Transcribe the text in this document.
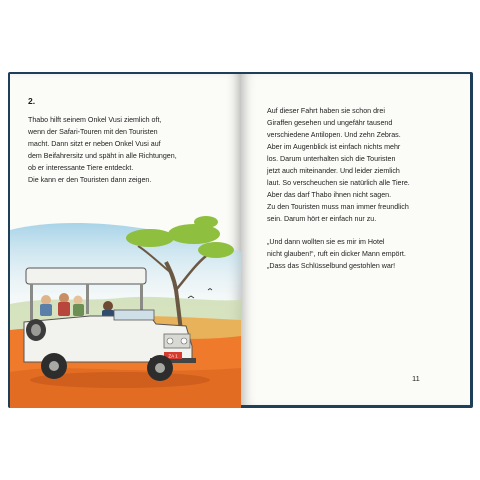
2.
Thabo hilft seinem Onkel Vusi ziemlich oft,
wenn der Safari-Touren mit den Touristen
macht. Dann sitzt er neben Onkel Vusi auf
dem Beifahrersitz und späht in alle Richtungen,
ob er interessante Tiere entdeckt.
Die kann er den Touristen dann zeigen.
ZA 1
Auf dieser Fahrt haben sie schon drei
Giraffen gesehen und ungefähr tausend
verschiedene Antilopen. Und zehn Zebras.
Aber im Augenblick ist einfach nichts mehr
los. Darum unterhalten sich die Touristen
jetzt auch miteinander. Und leider ziemlich
laut. So verscheuchen sie natürlich alle Tiere.
Aber das darf Thabo ihnen nicht sagen.
Zu den Touristen muss man immer freundlich
sein. Darum hört er einfach nur zu.
„Und dann wollten sie es mir im Hotel
nicht glauben!“, ruft ein dicker Mann empört.
„Dass das Schlüsselbund gestohlen war!
11
